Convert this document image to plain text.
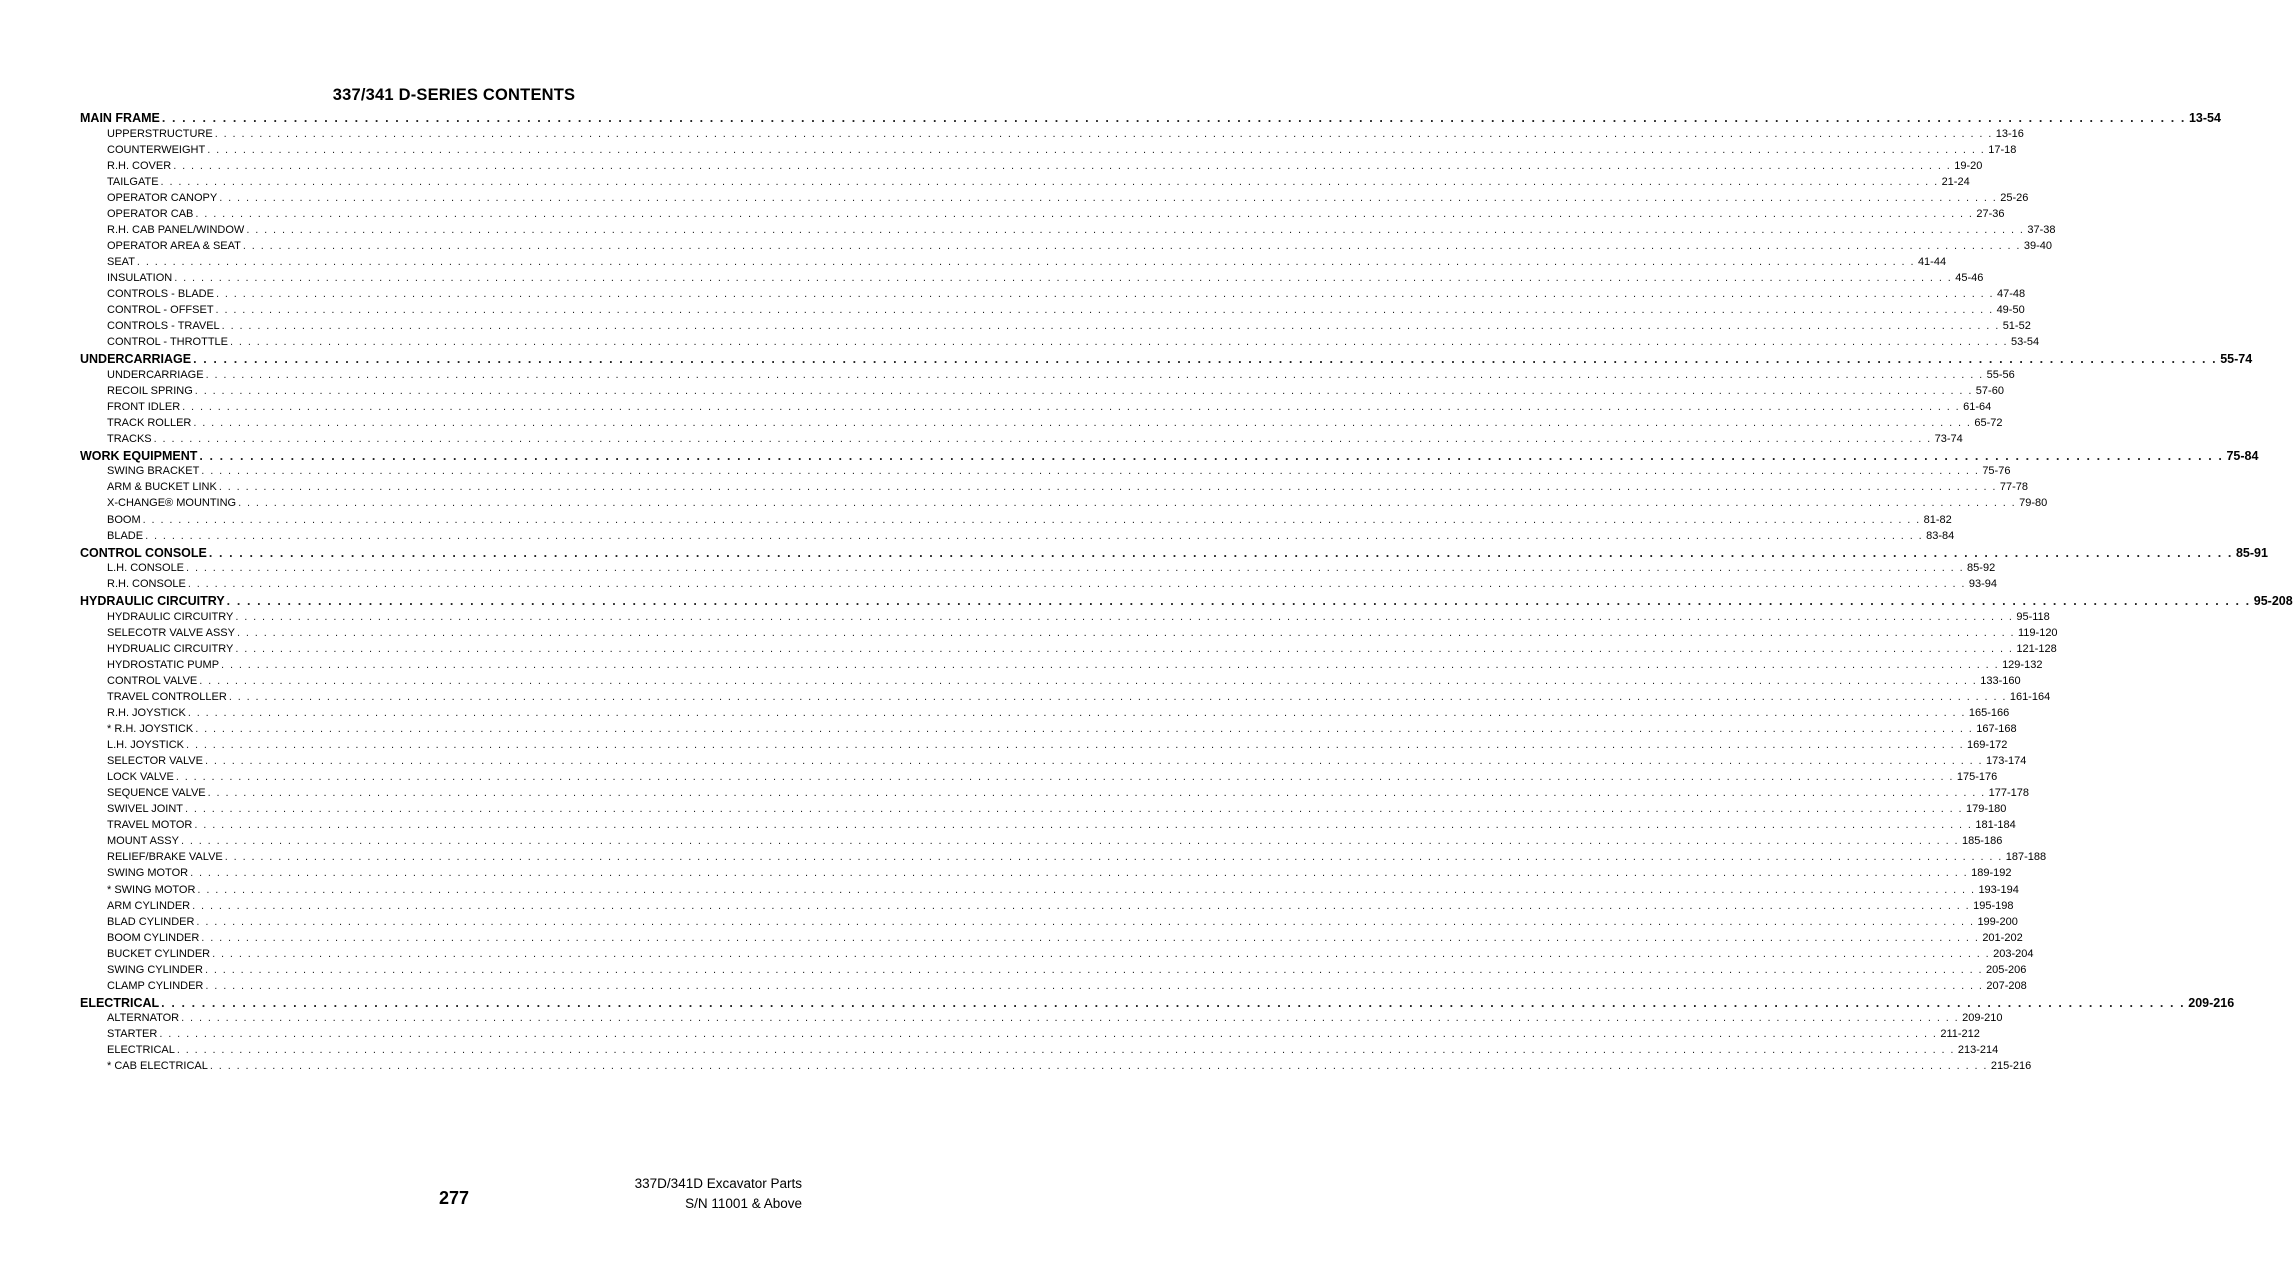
337/341 D-SERIES CONTENTS
MAIN FRAME . . . . . . . . . . . . . . . . . . . . . . . . . . . . . . . . . . . . . . . . . . . . . . . . . . . . . . . . . . . . . . . . . . . . . . . . . . . . . . . . . . . . . . . . . . . . . . . . . . . . . . . . . . . . . . . . . . . . . . . . . . . . . . . . . . . . . . . . . . . . . . . . . . . . . . . . . . . . . . . . . . . . . . . . . . . . . . . . . . . . . . . . . . . . . . . . . . . . . . . . 13-54
UPPERSTRUCTURE . . . . . . . . . . . . . . . . . . . . . . . . . . . . . . . . . . . . . . . . . . . . . . . . . . . . . . . . . . . . . . . . . . . . . . . . . . . . . . . . . . . . . . . . . . . . . . . . . . . . . . . . . . . . . . . . . . . . . . . . . . . . . . . . . . . . . . . . . . . . . . . . . . . . . . . . . . . . . . . . . . . . . . . . . . . . . . . . . . . . . . . . . . . . . . . . . . . . . . . . 13-16
COUNTERWEIGHT . . . . . . . . . . . . . . . . . . . . . . . . . . . . . . . . . . . . . . . . . . . . . . . . . . . . . . . . . . . . . . . . . . . . . . . . . . . . . . . . . . . . . . . . . . . . . . . . . . . . . . . . . . . . . . . . . . . . . . . . . . . . . . . . . . . . . . . . . . . . . . . . . . . . . . . . . . . . . . . . . . . . . . . . . . . . . . . . . . . . . . . . . . . . . . . . . . . . . . . . 17-18
R.H. COVER . . . . . . . . . . . . . . . . . . . . . . . . . . . . . . . . . . . . . . . . . . . . . . . . . . . . . . . . . . . . . . . . . . . . . . . . . . . . . . . . . . . . . . . . . . . . . . . . . . . . . . . . . . . . . . . . . . . . . . . . . . . . . . . . . . . . . . . . . . . . . . . . . . . . . . . . . . . . . . . . . . . . . . . . . . . . . . . . . . . . . . . . . . . . . . . . . . . . . . . . 19-20
TAILGATE . . . . . . . . . . . . . . . . . . . . . . . . . . . . . . . . . . . . . . . . . . . . . . . . . . . . . . . . . . . . . . . . . . . . . . . . . . . . . . . . . . . . . . . . . . . . . . . . . . . . . . . . . . . . . . . . . . . . . . . . . . . . . . . . . . . . . . . . . . . . . . . . . . . . . . . . . . . . . . . . . . . . . . . . . . . . . . . . . . . . . . . . . . . . . . . . . . . . . . . . 21-24
OPERATOR CANOPY . . . . . . . . . . . . . . . . . . . . . . . . . . . . . . . . . . . . . . . . . . . . . . . . . . . . . . . . . . . . . . . . . . . . . . . . . . . . . . . . . . . . . . . . . . . . . . . . . . . . . . . . . . . . . . . . . . . . . . . . . . . . . . . . . . . . . . . . . . . . . . . . . . . . . . . . . . . . . . . . . . . . . . . . . . . . . . . . . . . . . . . . . . . . . . . . . . . . . . . . 25-26
OPERATOR CAB . . . . . . . . . . . . . . . . . . . . . . . . . . . . . . . . . . . . . . . . . . . . . . . . . . . . . . . . . . . . . . . . . . . . . . . . . . . . . . . . . . . . . . . . . . . . . . . . . . . . . . . . . . . . . . . . . . . . . . . . . . . . . . . . . . . . . . . . . . . . . . . . . . . . . . . . . . . . . . . . . . . . . . . . . . . . . . . . . . . . . . . . . . . . . . . . . . . . . . . . 27-36
R.H. CAB PANEL/WINDOW . . . . . . . . . . . . . . . . . . . . . . . . . . . . . . . . . . . . . . . . . . . . . . . . . . . . . . . . . . . . . . . . . . . . . . . . . . . . . . . . . . . . . . . . . . . . . . . . . . . . . . . . . . . . . . . . . . . . . . . . . . . . . . . . . . . . . . . . . . . . . . . . . . . . . . . . . . . . . . . . . . . . . . . . . . . . . . . . . . . . . . . . . . . . . . . . . . . . . . . . 37-38
OPERATOR AREA & SEAT . . . . . . . . . . . . . . . . . . . . . . . . . . . . . . . . . . . . . . . . . . . . . . . . . . . . . . . . . . . . . . . . . . . . . . . . . . . . . . . . . . . . . . . . . . . . . . . . . . . . . . . . . . . . . . . . . . . . . . . . . . . . . . . . . . . . . . . . . . . . . . . . . . . . . . . . . . . . . . . . . . . . . . . . . . . . . . . . . . . . . . . . . . . . . . . . . . . . . . . . 39-40
SEAT . . . . . . . . . . . . . . . . . . . . . . . . . . . . . . . . . . . . . . . . . . . . . . . . . . . . . . . . . . . . . . . . . . . . . . . . . . . . . . . . . . . . . . . . . . . . . . . . . . . . . . . . . . . . . . . . . . . . . . . . . . . . . . . . . . . . . . . . . . . . . . . . . . . . . . . . . . . . . . . . . . . . . . . . . . . . . . . . . . . . . . . . . . . . . . . . . . . . . . . . 41-44
INSULATION . . . . . . . . . . . . . . . . . . . . . . . . . . . . . . . . . . . . . . . . . . . . . . . . . . . . . . . . . . . . . . . . . . . . . . . . . . . . . . . . . . . . . . . . . . . . . . . . . . . . . . . . . . . . . . . . . . . . . . . . . . . . . . . . . . . . . . . . . . . . . . . . . . . . . . . . . . . . . . . . . . . . . . . . . . . . . . . . . . . . . . . . . . . . . . . . . . . . . . . . 45-46
CONTROLS - BLADE . . . . . . . . . . . . . . . . . . . . . . . . . . . . . . . . . . . . . . . . . . . . . . . . . . . . . . . . . . . . . . . . . . . . . . . . . . . . . . . . . . . . . . . . . . . . . . . . . . . . . . . . . . . . . . . . . . . . . . . . . . . . . . . . . . . . . . . . . . . . . . . . . . . . . . . . . . . . . . . . . . . . . . . . . . . . . . . . . . . . . . . . . . . . . . . . . . . . . . . . 47-48
CONTROL - OFFSET . . . . . . . . . . . . . . . . . . . . . . . . . . . . . . . . . . . . . . . . . . . . . . . . . . . . . . . . . . . . . . . . . . . . . . . . . . . . . . . . . . . . . . . . . . . . . . . . . . . . . . . . . . . . . . . . . . . . . . . . . . . . . . . . . . . . . . . . . . . . . . . . . . . . . . . . . . . . . . . . . . . . . . . . . . . . . . . . . . . . . . . . . . . . . . . . . . . . . . . . 49-50
CONTROLS - TRAVEL . . . . . . . . . . . . . . . . . . . . . . . . . . . . . . . . . . . . . . . . . . . . . . . . . . . . . . . . . . . . . . . . . . . . . . . . . . . . . . . . . . . . . . . . . . . . . . . . . . . . . . . . . . . . . . . . . . . . . . . . . . . . . . . . . . . . . . . . . . . . . . . . . . . . . . . . . . . . . . . . . . . . . . . . . . . . . . . . . . . . . . . . . . . . . . . . . . . . . . . . 51-52
CONTROL - THROTTLE . . . . . . . . . . . . . . . . . . . . . . . . . . . . . . . . . . . . . . . . . . . . . . . . . . . . . . . . . . . . . . . . . . . . . . . . . . . . . . . . . . . . . . . . . . . . . . . . . . . . . . . . . . . . . . . . . . . . . . . . . . . . . . . . . . . . . . . . . . . . . . . . . . . . . . . . . . . . . . . . . . . . . . . . . . . . . . . . . . . . . . . . . . . . . . . . . . . . . . . . 53-54
UNDERCARRIAGE . . . . . . . . . . . . . . . . . . . . . . . . . . . . . . . . . . . . . . . . . . . . . . . . . . . . . . . . . . . . . . . . . . . . . . . . . . . . . . . . . . . . . . . . . . . . . . . . . . . . . . . . . . . . . . . . . . . . . . . . . . . . . . . . . . . . . . . . . . . . . . . . . . . . . . . . . . . . . . . . . . . . . . . . . . . . . . . . . . . . . . . . . . . . . . . . . . . . . . . . 55-74
UNDERCARRIAGE . . . . . . . . . . . . . . . . . . . . . . . . . . . . . . . . . . . . . . . . . . . . . . . . . . . . . . . . . . . . . . . . . . . . . . . . . . . . . . . . . . . . . . . . . . . . . . . . . . . . . . . . . . . . . . . . . . . . . . . . . . . . . . . . . . . . . . . . . . . . . . . . . . . . . . . . . . . . . . . . . . . . . . . . . . . . . . . . . . . . . . . . . . . . . . . . . . . . . . . . 55-56
RECOIL SPRING . . . . . . . . . . . . . . . . . . . . . . . . . . . . . . . . . . . . . . . . . . . . . . . . . . . . . . . . . . . . . . . . . . . . . . . . . . . . . . . . . . . . . . . . . . . . . . . . . . . . . . . . . . . . . . . . . . . . . . . . . . . . . . . . . . . . . . . . . . . . . . . . . . . . . . . . . . . . . . . . . . . . . . . . . . . . . . . . . . . . . . . . . . . . . . . . . . . . . . . . 57-60
FRONT IDLER . . . . . . . . . . . . . . . . . . . . . . . . . . . . . . . . . . . . . . . . . . . . . . . . . . . . . . . . . . . . . . . . . . . . . . . . . . . . . . . . . . . . . . . . . . . . . . . . . . . . . . . . . . . . . . . . . . . . . . . . . . . . . . . . . . . . . . . . . . . . . . . . . . . . . . . . . . . . . . . . . . . . . . . . . . . . . . . . . . . . . . . . . . . . . . . . . . . . . . . . 61-64
TRACK ROLLER . . . . . . . . . . . . . . . . . . . . . . . . . . . . . . . . . . . . . . . . . . . . . . . . . . . . . . . . . . . . . . . . . . . . . . . . . . . . . . . . . . . . . . . . . . . . . . . . . . . . . . . . . . . . . . . . . . . . . . . . . . . . . . . . . . . . . . . . . . . . . . . . . . . . . . . . . . . . . . . . . . . . . . . . . . . . . . . . . . . . . . . . . . . . . . . . . . . . . . . . 65-72
TRACKS . . . . . . . . . . . . . . . . . . . . . . . . . . . . . . . . . . . . . . . . . . . . . . . . . . . . . . . . . . . . . . . . . . . . . . . . . . . . . . . . . . . . . . . . . . . . . . . . . . . . . . . . . . . . . . . . . . . . . . . . . . . . . . . . . . . . . . . . . . . . . . . . . . . . . . . . . . . . . . . . . . . . . . . . . . . . . . . . . . . . . . . . . . . . . . . . . . . . . . . . 73-74
WORK EQUIPMENT . . . . . . . . . . . . . . . . . . . . . . . . . . . . . . . . . . . . . . . . . . . . . . . . . . . . . . . . . . . . . . . . . . . . . . . . . . . . . . . . . . . . . . . . . . . . . . . . . . . . . . . . . . . . . . . . . . . . . . . . . . . . . . . . . . . . . . . . . . . . . . . . . . . . . . . . . . . . . . . . . . . . . . . . . . . . . . . . . . . . . . . . . . . . . . . . . . . . . . . . 75-84
SWING BRACKET . . . . . . . . . . . . . . . . . . . . . . . . . . . . . . . . . . . . . . . . . . . . . . . . . . . . . . . . . . . . . . . . . . . . . . . . . . . . . . . . . . . . . . . . . . . . . . . . . . . . . . . . . . . . . . . . . . . . . . . . . . . . . . . . . . . . . . . . . . . . . . . . . . . . . . . . . . . . . . . . . . . . . . . . . . . . . . . . . . . . . . . . . . . . . . . . . . . . . . . . 75-76
ARM & BUCKET LINK . . . . . . . . . . . . . . . . . . . . . . . . . . . . . . . . . . . . . . . . . . . . . . . . . . . . . . . . . . . . . . . . . . . . . . . . . . . . . . . . . . . . . . . . . . . . . . . . . . . . . . . . . . . . . . . . . . . . . . . . . . . . . . . . . . . . . . . . . . . . . . . . . . . . . . . . . . . . . . . . . . . . . . . . . . . . . . . . . . . . . . . . . . . . . . . . . . . . . . . . 77-78
X-CHANGE® MOUNTING . . . . . . . . . . . . . . . . . . . . . . . . . . . . . . . . . . . . . . . . . . . . . . . . . . . . . . . . . . . . . . . . . . . . . . . . . . . . . . . . . . . . . . . . . . . . . . . . . . . . . . . . . . . . . . . . . . . . . . . . . . . . . . . . . . . . . . . . . . . . . . . . . . . . . . . . . . . . . . . . . . . . . . . . . . . . . . . . . . . . . . . . . . . . . . . . . . . . . . . . 79-80
BOOM . . . . . . . . . . . . . . . . . . . . . . . . . . . . . . . . . . . . . . . . . . . . . . . . . . . . . . . . . . . . . . . . . . . . . . . . . . . . . . . . . . . . . . . . . . . . . . . . . . . . . . . . . . . . . . . . . . . . . . . . . . . . . . . . . . . . . . . . . . . . . . . . . . . . . . . . . . . . . . . . . . . . . . . . . . . . . . . . . . . . . . . . . . . . . . . . . . . . . . . . 81-82
BLADE . . . . . . . . . . . . . . . . . . . . . . . . . . . . . . . . . . . . . . . . . . . . . . . . . . . . . . . . . . . . . . . . . . . . . . . . . . . . . . . . . . . . . . . . . . . . . . . . . . . . . . . . . . . . . . . . . . . . . . . . . . . . . . . . . . . . . . . . . . . . . . . . . . . . . . . . . . . . . . . . . . . . . . . . . . . . . . . . . . . . . . . . . . . . . . . . . . . . . . . . 83-84
CONTROL CONSOLE . . . . . . . . . . . . . . . . . . . . . . . . . . . . . . . . . . . . . . . . . . . . . . . . . . . . . . . . . . . . . . . . . . . . . . . . . . . . . . . . . . . . . . . . . . . . . . . . . . . . . . . . . . . . . . . . . . . . . . . . . . . . . . . . . . . . . . . . . . . . . . . . . . . . . . . . . . . . . . . . . . . . . . . . . . . . . . . . . . . . . . . . . . . . . . . . . . . . . . . . 85-91
L.H. CONSOLE . . . . . . . . . . . . . . . . . . . . . . . . . . . . . . . . . . . . . . . . . . . . . . . . . . . . . . . . . . . . . . . . . . . . . . . . . . . . . . . . . . . . . . . . . . . . . . . . . . . . . . . . . . . . . . . . . . . . . . . . . . . . . . . . . . . . . . . . . . . . . . . . . . . . . . . . . . . . . . . . . . . . . . . . . . . . . . . . . . . . . . . . . . . . . . . . . . . . . . . . 85-92
R.H. CONSOLE . . . . . . . . . . . . . . . . . . . . . . . . . . . . . . . . . . . . . . . . . . . . . . . . . . . . . . . . . . . . . . . . . . . . . . . . . . . . . . . . . . . . . . . . . . . . . . . . . . . . . . . . . . . . . . . . . . . . . . . . . . . . . . . . . . . . . . . . . . . . . . . . . . . . . . . . . . . . . . . . . . . . . . . . . . . . . . . . . . . . . . . . . . . . . . . . . . . . . . . . 93-94
HYDRAULIC CIRCUITRY . . . . . . . . . . . . . . . . . . . . . . . . . . . . . . . . . . . . . . . . . . . . . . . . . . . . . . . . . . . . . . . . . . . . . . . . . . . . . . . . . . . . . . . . . . . . . . . . . . . . . . . . . . . . . . . . . . . . . . . . . . . . . . . . . . . . . . . . . . . . . . . . . . . . . . . . . . . . . . . . . . . . . . . . . . . . . . . . . . . . . . . . . . . . . . . . . . . . . . . . 95-208
HYDRAULIC CIRCUITRY . . . . . . . . . . . . . . . . . . . . . . . . . . . . . . . . . . . . . . . . . . . . . . . . . . . . . . . . . . . . . . . . . . . . . . . . . . . . . . . . . . . . . . . . . . . . . . . . . . . . . . . . . . . . . . . . . . . . . . . . . . . . . . . . . . . . . . . . . . . . . . . . . . . . . . . . . . . . . . . . . . . . . . . . . . . . . . . . . . . . . . . . . . . . . . . . . . . . . . . . 95-118
SELECOTR VALVE ASSY . . . . . . . . . . . . . . . . . . . . . . . . . . . . . . . . . . . . . . . . . . . . . . . . . . . . . . . . . . . . . . . . . . . . . . . . . . . . . . . . . . . . . . . . . . . . . . . . . . . . . . . . . . . . . . . . . . . . . . . . . . . . . . . . . . . . . . . . . . . . . . . . . . . . . . . . . . . . . . . . . . . . . . . . . . . . . . . . . . . . . . . . . . . . . . . . . . . . . . . . 119-120
HYDRUALIC CIRCUITRY . . . . . . . . . . . . . . . . . . . . . . . . . . . . . . . . . . . . . . . . . . . . . . . . . . . . . . . . . . . . . . . . . . . . . . . . . . . . . . . . . . . . . . . . . . . . . . . . . . . . . . . . . . . . . . . . . . . . . . . . . . . . . . . . . . . . . . . . . . . . . . . . . . . . . . . . . . . . . . . . . . . . . . . . . . . . . . . . . . . . . . . . . . . . . . . . . . . . . . . . 121-128
HYDROSTATIC PUMP . . . . . . . . . . . . . . . . . . . . . . . . . . . . . . . . . . . . . . . . . . . . . . . . . . . . . . . . . . . . . . . . . . . . . . . . . . . . . . . . . . . . . . . . . . . . . . . . . . . . . . . . . . . . . . . . . . . . . . . . . . . . . . . . . . . . . . . . . . . . . . . . . . . . . . . . . . . . . . . . . . . . . . . . . . . . . . . . . . . . . . . . . . . . . . . . . . . . . . . . 129-132
CONTROL VALVE . . . . . . . . . . . . . . . . . . . . . . . . . . . . . . . . . . . . . . . . . . . . . . . . . . . . . . . . . . . . . . . . . . . . . . . . . . . . . . . . . . . . . . . . . . . . . . . . . . . . . . . . . . . . . . . . . . . . . . . . . . . . . . . . . . . . . . . . . . . . . . . . . . . . . . . . . . . . . . . . . . . . . . . . . . . . . . . . . . . . . . . . . . . . . . . . . . . . . . . . 133-160
TRAVEL CONTROLLER . . . . . . . . . . . . . . . . . . . . . . . . . . . . . . . . . . . . . . . . . . . . . . . . . . . . . . . . . . . . . . . . . . . . . . . . . . . . . . . . . . . . . . . . . . . . . . . . . . . . . . . . . . . . . . . . . . . . . . . . . . . . . . . . . . . . . . . . . . . . . . . . . . . . . . . . . . . . . . . . . . . . . . . . . . . . . . . . . . . . . . . . . . . . . . . . . . . . . . . . 161-164
R.H. JOYSTICK . . . . . . . . . . . . . . . . . . . . . . . . . . . . . . . . . . . . . . . . . . . . . . . . . . . . . . . . . . . . . . . . . . . . . . . . . . . . . . . . . . . . . . . . . . . . . . . . . . . . . . . . . . . . . . . . . . . . . . . . . . . . . . . . . . . . . . . . . . . . . . . . . . . . . . . . . . . . . . . . . . . . . . . . . . . . . . . . . . . . . . . . . . . . . . . . . . . . . . . . 165-166
* R.H. JOYSTICK . . . . . . . . . . . . . . . . . . . . . . . . . . . . . . . . . . . . . . . . . . . . . . . . . . . . . . . . . . . . . . . . . . . . . . . . . . . . . . . . . . . . . . . . . . . . . . . . . . . . . . . . . . . . . . . . . . . . . . . . . . . . . . . . . . . . . . . . . . . . . . . . . . . . . . . . . . . . . . . . . . . . . . . . . . . . . . . . . . . . . . . . . . . . . . . . . . . . . . . . 167-168
L.H. JOYSTICK . . . . . . . . . . . . . . . . . . . . . . . . . . . . . . . . . . . . . . . . . . . . . . . . . . . . . . . . . . . . . . . . . . . . . . . . . . . . . . . . . . . . . . . . . . . . . . . . . . . . . . . . . . . . . . . . . . . . . . . . . . . . . . . . . . . . . . . . . . . . . . . . . . . . . . . . . . . . . . . . . . . . . . . . . . . . . . . . . . . . . . . . . . . . . . . . . . . . . . . . 169-172
SELECTOR VALVE . . . . . . . . . . . . . . . . . . . . . . . . . . . . . . . . . . . . . . . . . . . . . . . . . . . . . . . . . . . . . . . . . . . . . . . . . . . . . . . . . . . . . . . . . . . . . . . . . . . . . . . . . . . . . . . . . . . . . . . . . . . . . . . . . . . . . . . . . . . . . . . . . . . . . . . . . . . . . . . . . . . . . . . . . . . . . . . . . . . . . . . . . . . . . . . . . . . . . . . . 173-174
LOCK VALVE . . . . . . . . . . . . . . . . . . . . . . . . . . . . . . . . . . . . . . . . . . . . . . . . . . . . . . . . . . . . . . . . . . . . . . . . . . . . . . . . . . . . . . . . . . . . . . . . . . . . . . . . . . . . . . . . . . . . . . . . . . . . . . . . . . . . . . . . . . . . . . . . . . . . . . . . . . . . . . . . . . . . . . . . . . . . . . . . . . . . . . . . . . . . . . . . . . . . . . . . 175-176
SEQUENCE VALVE . . . . . . . . . . . . . . . . . . . . . . . . . . . . . . . . . . . . . . . . . . . . . . . . . . . . . . . . . . . . . . . . . . . . . . . . . . . . . . . . . . . . . . . . . . . . . . . . . . . . . . . . . . . . . . . . . . . . . . . . . . . . . . . . . . . . . . . . . . . . . . . . . . . . . . . . . . . . . . . . . . . . . . . . . . . . . . . . . . . . . . . . . . . . . . . . . . . . . . . . 177-178
SWIVEL JOINT . . . . . . . . . . . . . . . . . . . . . . . . . . . . . . . . . . . . . . . . . . . . . . . . . . . . . . . . . . . . . . . . . . . . . . . . . . . . . . . . . . . . . . . . . . . . . . . . . . . . . . . . . . . . . . . . . . . . . . . . . . . . . . . . . . . . . . . . . . . . . . . . . . . . . . . . . . . . . . . . . . . . . . . . . . . . . . . . . . . . . . . . . . . . . . . . . . . . . . . . 179-180
TRAVEL MOTOR . . . . . . . . . . . . . . . . . . . . . . . . . . . . . . . . . . . . . . . . . . . . . . . . . . . . . . . . . . . . . . . . . . . . . . . . . . . . . . . . . . . . . . . . . . . . . . . . . . . . . . . . . . . . . . . . . . . . . . . . . . . . . . . . . . . . . . . . . . . . . . . . . . . . . . . . . . . . . . . . . . . . . . . . . . . . . . . . . . . . . . . . . . . . . . . . . . . . . . . . 181-184
MOUNT ASSY . . . . . . . . . . . . . . . . . . . . . . . . . . . . . . . . . . . . . . . . . . . . . . . . . . . . . . . . . . . . . . . . . . . . . . . . . . . . . . . . . . . . . . . . . . . . . . . . . . . . . . . . . . . . . . . . . . . . . . . . . . . . . . . . . . . . . . . . . . . . . . . . . . . . . . . . . . . . . . . . . . . . . . . . . . . . . . . . . . . . . . . . . . . . . . . . . . . . . . . . 185-186
RELIEF/BRAKE VALVE . . . . . . . . . . . . . . . . . . . . . . . . . . . . . . . . . . . . . . . . . . . . . . . . . . . . . . . . . . . . . . . . . . . . . . . . . . . . . . . . . . . . . . . . . . . . . . . . . . . . . . . . . . . . . . . . . . . . . . . . . . . . . . . . . . . . . . . . . . . . . . . . . . . . . . . . . . . . . . . . . . . . . . . . . . . . . . . . . . . . . . . . . . . . . . . . . . . . . . . . 187-188
SWING MOTOR . . . . . . . . . . . . . . . . . . . . . . . . . . . . . . . . . . . . . . . . . . . . . . . . . . . . . . . . . . . . . . . . . . . . . . . . . . . . . . . . . . . . . . . . . . . . . . . . . . . . . . . . . . . . . . . . . . . . . . . . . . . . . . . . . . . . . . . . . . . . . . . . . . . . . . . . . . . . . . . . . . . . . . . . . . . . . . . . . . . . . . . . . . . . . . . . . . . . . . . . 189-192
* SWING MOTOR . . . . . . . . . . . . . . . . . . . . . . . . . . . . . . . . . . . . . . . . . . . . . . . . . . . . . . . . . . . . . . . . . . . . . . . . . . . . . . . . . . . . . . . . . . . . . . . . . . . . . . . . . . . . . . . . . . . . . . . . . . . . . . . . . . . . . . . . . . . . . . . . . . . . . . . . . . . . . . . . . . . . . . . . . . . . . . . . . . . . . . . . . . . . . . . . . . . . . . . . 193-194
ARM CYLINDER . . . . . . . . . . . . . . . . . . . . . . . . . . . . . . . . . . . . . . . . . . . . . . . . . . . . . . . . . . . . . . . . . . . . . . . . . . . . . . . . . . . . . . . . . . . . . . . . . . . . . . . . . . . . . . . . . . . . . . . . . . . . . . . . . . . . . . . . . . . . . . . . . . . . . . . . . . . . . . . . . . . . . . . . . . . . . . . . . . . . . . . . . . . . . . . . . . . . . . . . 195-198
BLAD CYLINDER . . . . . . . . . . . . . . . . . . . . . . . . . . . . . . . . . . . . . . . . . . . . . . . . . . . . . . . . . . . . . . . . . . . . . . . . . . . . . . . . . . . . . . . . . . . . . . . . . . . . . . . . . . . . . . . . . . . . . . . . . . . . . . . . . . . . . . . . . . . . . . . . . . . . . . . . . . . . . . . . . . . . . . . . . . . . . . . . . . . . . . . . . . . . . . . . . . . . . . . . 199-200
BOOM CYLINDER . . . . . . . . . . . . . . . . . . . . . . . . . . . . . . . . . . . . . . . . . . . . . . . . . . . . . . . . . . . . . . . . . . . . . . . . . . . . . . . . . . . . . . . . . . . . . . . . . . . . . . . . . . . . . . . . . . . . . . . . . . . . . . . . . . . . . . . . . . . . . . . . . . . . . . . . . . . . . . . . . . . . . . . . . . . . . . . . . . . . . . . . . . . . . . . . . . . . . . . . 201-202
BUCKET CYLINDER . . . . . . . . . . . . . . . . . . . . . . . . . . . . . . . . . . . . . . . . . . . . . . . . . . . . . . . . . . . . . . . . . . . . . . . . . . . . . . . . . . . . . . . . . . . . . . . . . . . . . . . . . . . . . . . . . . . . . . . . . . . . . . . . . . . . . . . . . . . . . . . . . . . . . . . . . . . . . . . . . . . . . . . . . . . . . . . . . . . . . . . . . . . . . . . . . . . . . . . . 203-204
SWING CYLINDER . . . . . . . . . . . . . . . . . . . . . . . . . . . . . . . . . . . . . . . . . . . . . . . . . . . . . . . . . . . . . . . . . . . . . . . . . . . . . . . . . . . . . . . . . . . . . . . . . . . . . . . . . . . . . . . . . . . . . . . . . . . . . . . . . . . . . . . . . . . . . . . . . . . . . . . . . . . . . . . . . . . . . . . . . . . . . . . . . . . . . . . . . . . . . . . . . . . . . . . . 205-206
CLAMP CYLINDER . . . . . . . . . . . . . . . . . . . . . . . . . . . . . . . . . . . . . . . . . . . . . . . . . . . . . . . . . . . . . . . . . . . . . . . . . . . . . . . . . . . . . . . . . . . . . . . . . . . . . . . . . . . . . . . . . . . . . . . . . . . . . . . . . . . . . . . . . . . . . . . . . . . . . . . . . . . . . . . . . . . . . . . . . . . . . . . . . . . . . . . . . . . . . . . . . . . . . . . . 207-208
ELECTRICAL . . . . . . . . . . . . . . . . . . . . . . . . . . . . . . . . . . . . . . . . . . . . . . . . . . . . . . . . . . . . . . . . . . . . . . . . . . . . . . . . . . . . . . . . . . . . . . . . . . . . . . . . . . . . . . . . . . . . . . . . . . . . . . . . . . . . . . . . . . . . . . . . . . . . . . . . . . . . . . . . . . . . . . . . . . . . . . . . . . . . . . . . . . . . . . . . . . . . . . . . 209-216
ALTERNATOR . . . . . . . . . . . . . . . . . . . . . . . . . . . . . . . . . . . . . . . . . . . . . . . . . . . . . . . . . . . . . . . . . . . . . . . . . . . . . . . . . . . . . . . . . . . . . . . . . . . . . . . . . . . . . . . . . . . . . . . . . . . . . . . . . . . . . . . . . . . . . . . . . . . . . . . . . . . . . . . . . . . . . . . . . . . . . . . . . . . . . . . . . . . . . . . . . . . . . . . . 209-210
STARTER . . . . . . . . . . . . . . . . . . . . . . . . . . . . . . . . . . . . . . . . . . . . . . . . . . . . . . . . . . . . . . . . . . . . . . . . . . . . . . . . . . . . . . . . . . . . . . . . . . . . . . . . . . . . . . . . . . . . . . . . . . . . . . . . . . . . . . . . . . . . . . . . . . . . . . . . . . . . . . . . . . . . . . . . . . . . . . . . . . . . . . . . . . . . . . . . . . . . . . . . 211-212
ELECTRICAL . . . . . . . . . . . . . . . . . . . . . . . . . . . . . . . . . . . . . . . . . . . . . . . . . . . . . . . . . . . . . . . . . . . . . . . . . . . . . . . . . . . . . . . . . . . . . . . . . . . . . . . . . . . . . . . . . . . . . . . . . . . . . . . . . . . . . . . . . . . . . . . . . . . . . . . . . . . . . . . . . . . . . . . . . . . . . . . . . . . . . . . . . . . . . . . . . . . . . . . . 213-214
* CAB ELECTRICAL . . . . . . . . . . . . . . . . . . . . . . . . . . . . . . . . . . . . . . . . . . . . . . . . . . . . . . . . . . . . . . . . . . . . . . . . . . . . . . . . . . . . . . . . . . . . . . . . . . . . . . . . . . . . . . . . . . . . . . . . . . . . . . . . . . . . . . . . . . . . . . . . . . . . . . . . . . . . . . . . . . . . . . . . . . . . . . . . . . . . . . . . . . . . . . . . . . . . . . . . 215-216
277
337D/341D Excavator Parts
S/N 11001 & Above
